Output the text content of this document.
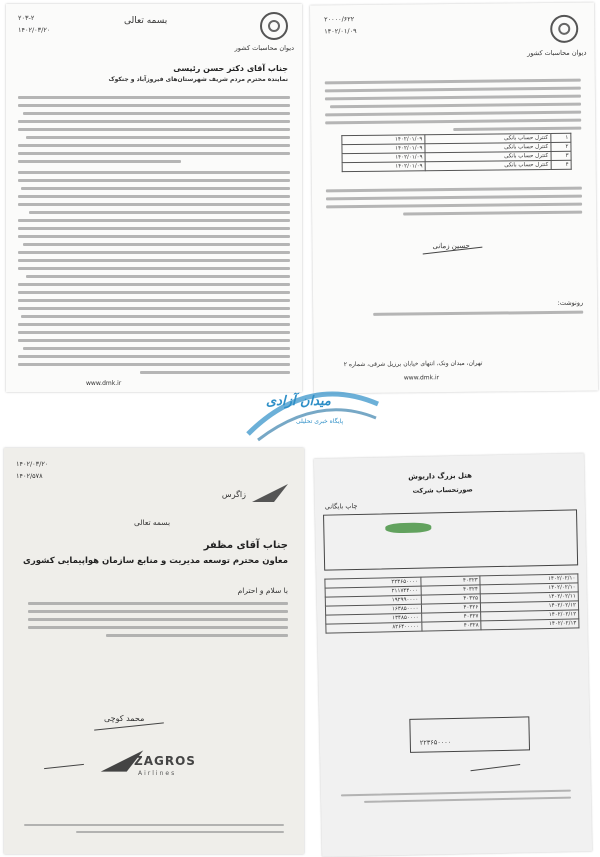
۲۰۳-۲
۱۴۰۲/۰۳/۲۰
دیوان محاسبات کشور
بسمه تعالی
جناب آقای دکتر حسن رئیسی
نماینده محترم مردم شریف شهرستان‌های فیروز‌آباد و جنکوک
www.dmk.ir
۲۰۰۰۰/۶۲۲
۱۴۰۲/۰۱/۰۹
دیوان محاسبات کشور
۱	کنترل حساب بانکی	۱۴۰۲/۰۱/۰۹
۲	کنترل حساب بانکی	۱۴۰۲/۰۱/۰۹
۳	کنترل حساب بانکی	۱۴۰۲/۰۱/۰۹
۴	کنترل حساب بانکی	۱۴۰۲/۰۱/۰۹
حسین زمانی
رونوشت:
تهران، میدان ونک، انتهای خیابان برزیل شرقی، شماره ۲
www.dmk.ir
میدان آزادی
پایگاه خبری تحلیلی
۱۴۰۲/۰۳/۲۰
۱۴۰۲/۵۷۸
زاگرس
بسمه تعالی
جناب آقای مظفر
معاون محترم توسعه مدیریت و منابع سازمان هواپیمایی کشوری
با سلام و احترام
محمد کوچی
ZAGROS
Airlines
هتل بزرگ داریوش
صورتحساب شرکت
چاپ بایگانی
۱۴۰۲/۰۲/۱۰	۴۰۳۲۳	۲۲۳۶۵۰۰۰۰
۱۴۰۲/۰۲/۱۰	۴۰۳۲۴	۲۱۱۷۴۴۰۰۰
۱۴۰۲/۰۲/۱۱	۴۰۳۲۵	۱۹۲۹۹۰۰۰۰
۱۴۰۲/۰۲/۱۲	۴۰۳۲۶	۱۶۳۸۵۰۰۰۰
۱۴۰۲/۰۲/۱۲	۴۰۳۲۷	۱۳۴۸۵۰۰۰۰
۱۴۰۲/۰۲/۱۳	۴۰۳۲۸	۸۲۶۴۰۰۰۰۰
۲۲۳۶۵۰۰۰۰
